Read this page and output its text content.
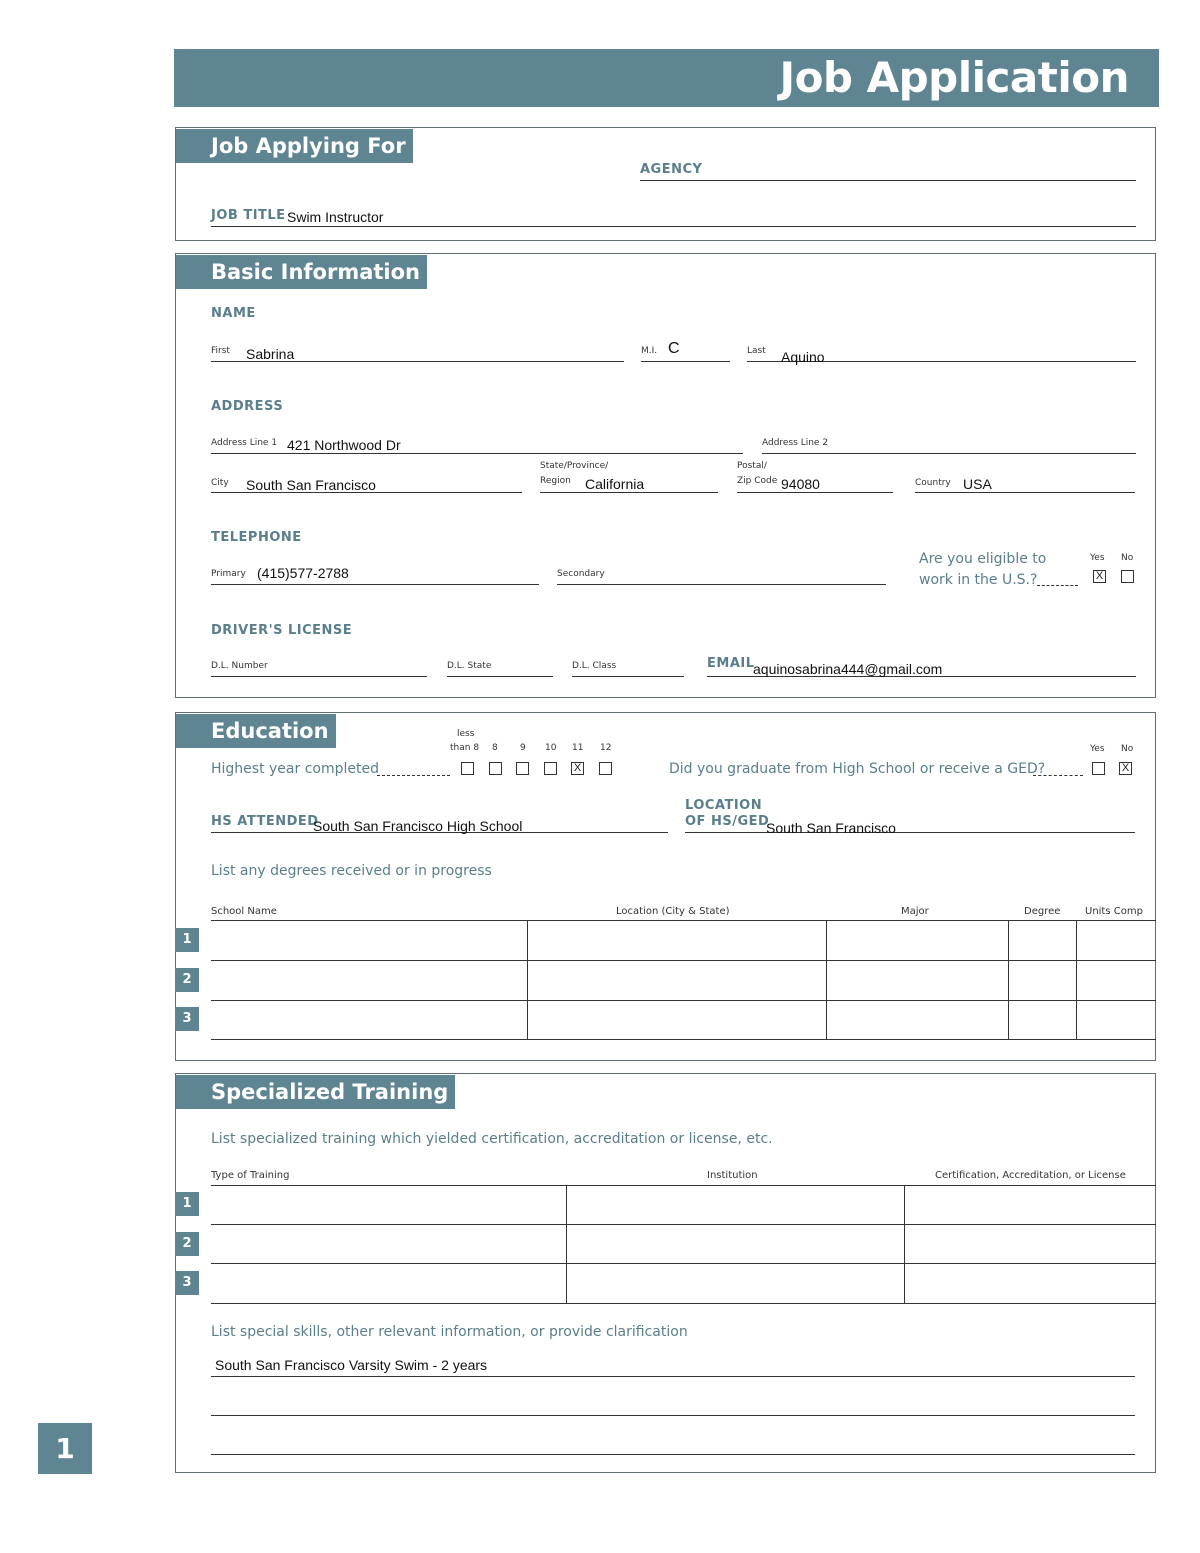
Job Application
Job Applying For
AGENCY
JOB TITLE Swim Instructor
Basic Information
NAME
First Sabrina	M.I. C	Last Aquino
ADDRESS
Address Line 1 421 Northwood Dr	Address Line 2
City South San Francisco
State/Province/
Region California
Postal/
Zip Code 94080	Country USA
TELEPHONE
Primary (415)577-2788	Secondary
Are you eligible to
work in the U.S.?
Yes No
X
DRIVER'S LICENSE
D.L. Number	D.L. State	D.L. Class	EMAIL
aquinosabrina444@gmail.com
Education	less
than 8 8 9 10 11 12
Highest year completed	X	Did you graduate from High School or receive a GED?
Yes No
X
HS ATTENDED
South San Francisco High School
LOCATION
OF HS/GED
South San Francisco
List any degrees received or in progress
School Name	Location (City & State)	Major	Degree Units Comp
1
2
3
Specialized Training
List specialized training which yielded certification, accreditation or license, etc.
Type of Training	Institution	Certification, Accreditation, or License
1
2
3
List special skills, other relevant information, or provide clarification
South San Francisco Varsity Swim - 2 years
1
